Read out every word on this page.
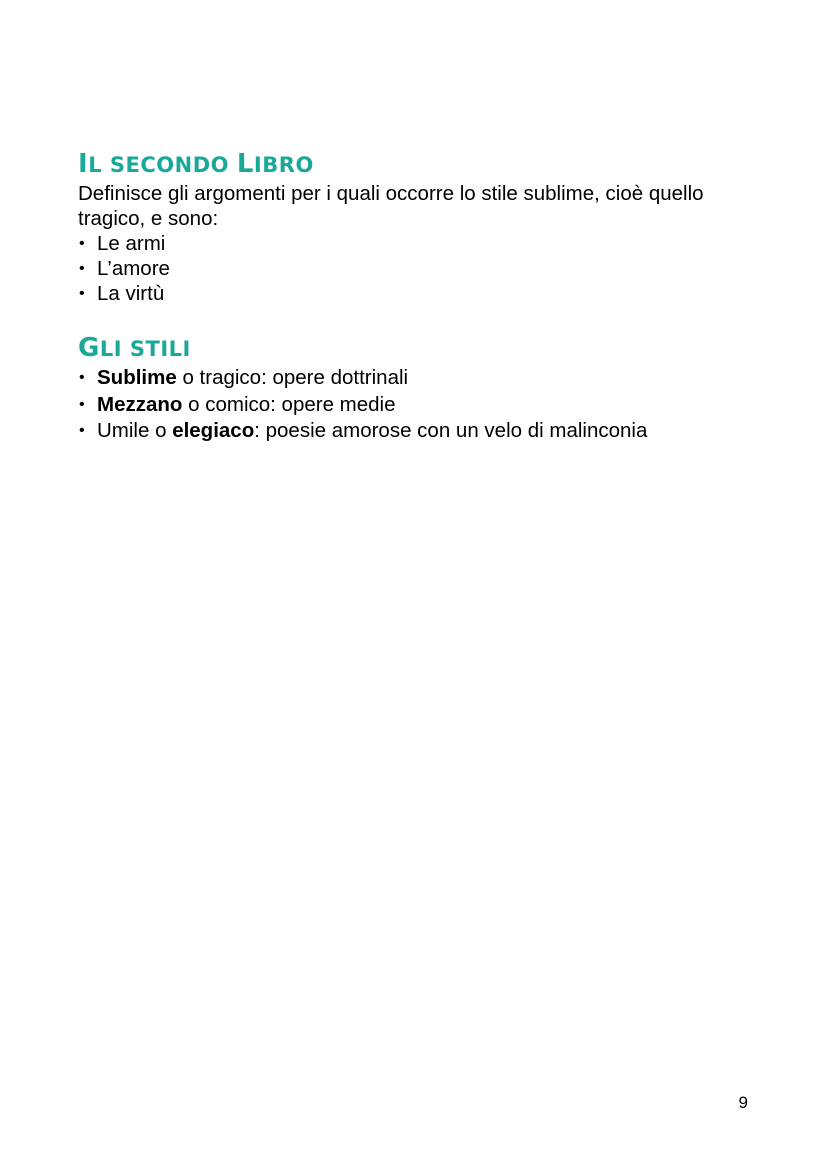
IL SECONDO LIBRO

Definisce gli argomenti per i quali occorre lo stile sublime, cioè quello tragico, e sono:

• Le armi
• L’amore
• La virtù
GLI STILI
• Sublime o tragico: opere dottrinali
• Mezzano o comico: opere medie
• Umile o elegiaco: poesie amorose con un velo di malinconia
9
